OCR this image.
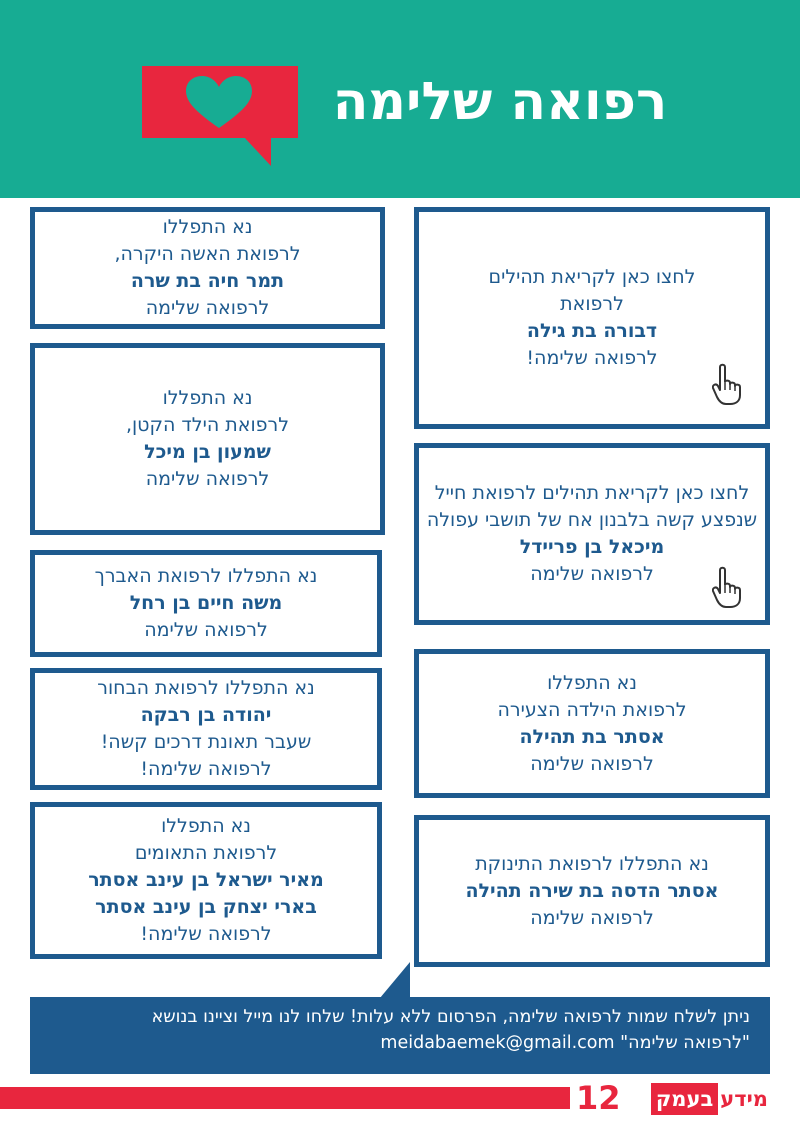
רפואה שלימה
נא התפללו
לרפואת האשה היקרה,
תמר חיה בת שרה
לרפואה שלימה
נא התפללו
לרפואת הילד הקטן,
שמעון בן מיכל
לרפואה שלימה
נא התפללו לרפואת האברך
משה חיים בן רחל
לרפואה שלימה
נא התפללו לרפואת הבחור
יהודה בן רבקה
שעבר תאונת דרכים קשה!
לרפואה שלימה!
נא התפללו
לרפואת התאומים
מאיר ישראל בן עינב אסתר
בארי יצחק בן עינב אסתר
לרפואה שלימה!
לחצו כאן לקריאת תהילים
לרפואת
דבורה בת גילה
לרפואה שלימה!
לחצו כאן לקריאת תהילים לרפואת חייל
שנפצע קשה בלבנון אח של תושבי עפולה
מיכאל בן פריידל
לרפואה שלימה
נא התפללו
לרפואת הילדה הצעירה
אסתר בת תהילה
לרפואה שלימה
נא התפללו לרפואת התינוקת
אסתר הדסה בת שירה תהילה
לרפואה שלימה
ניתן לשלח שמות לרפואה שלימה, הפרסום ללא עלות! שלחו לנו מייל וציינו בנושא
"לרפואה שלימה" meidabaemek@gmail.com
12	מידע
בעמק
